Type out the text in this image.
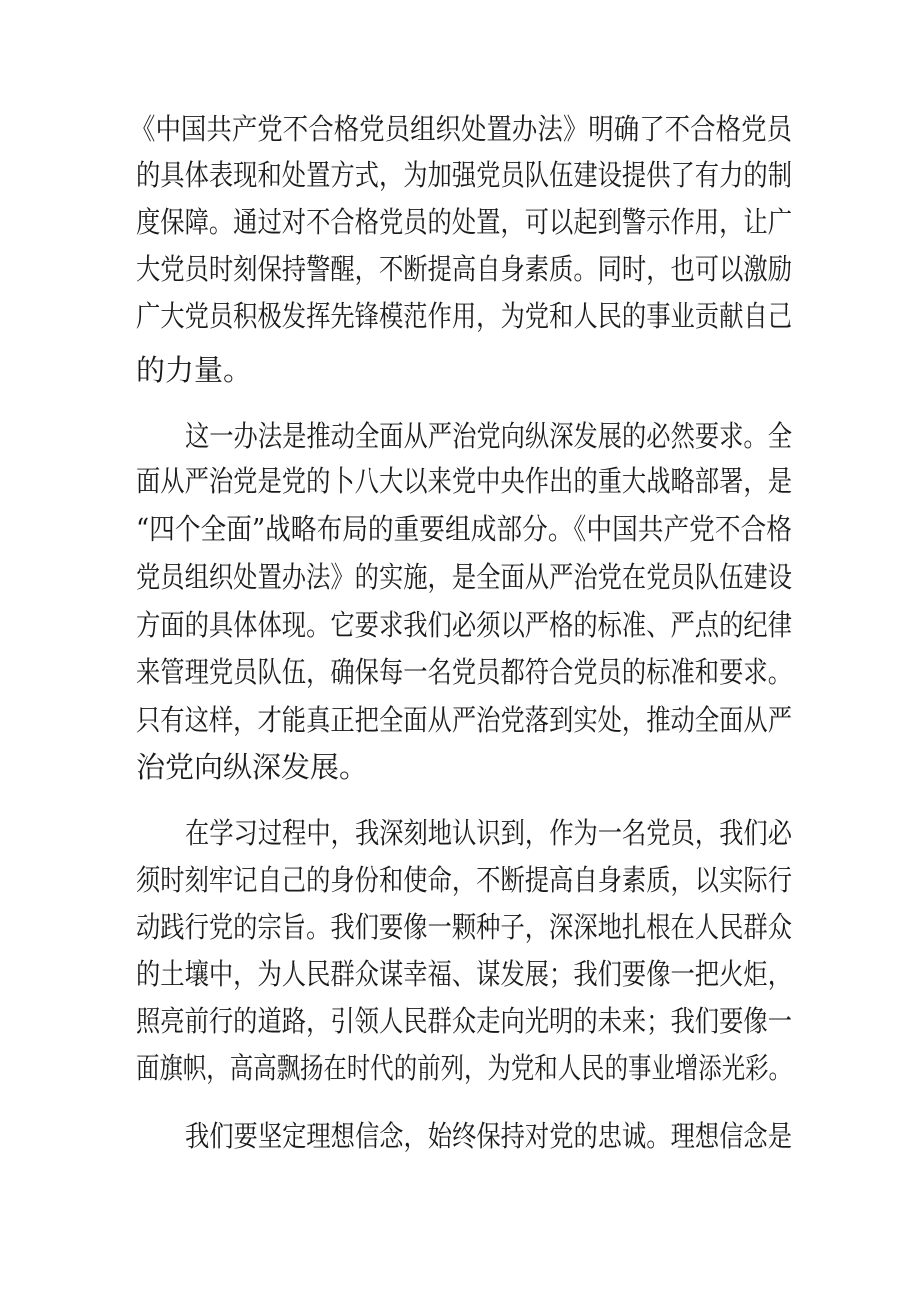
《中国共产党不合格党员组织处置办法》明确了不合格党员
的具体表现和处置方式，为加强党员队伍建设提供了有力的制
度保障。通过对不合格党员的处置，可以起到警示作用，让广
大党员时刻保持警醒，不断提高自身素质。同时，也可以激励
广大党员积极发挥先锋模范作用，为党和人民的事业贡献自己
的力量。
这一办法是推动全面从严治党向纵深发展的必然要求。全
面从严治党是党的卜八大以来党中央作出的重大战略部署，是
“四个全面”战略布局的重要组成部分。《中国共产党不合格
党员组织处置办法》的实施，是全面从严治党在党员队伍建设
方面的具体体现。它要求我们必须以严格的标准、严点的纪律
来管理党员队伍，确保每一名党员都符合党员的标准和要求。
只有这样，才能真正把全面从严治党落到实处，推动全面从严
治党向纵深发展。
在学习过程中，我深刻地认识到，作为一名党员，我们必
须时刻牢记自己的身份和使命，不断提高自身素质，以实际行
动践行党的宗旨。我们要像一颗种子，深深地扎根在人民群众
的土壤中，为人民群众谋幸福、谋发展；我们要像一把火炬，
照亮前行的道路，引领人民群众走向光明的未来；我们要像一
面旗帜，高高飘扬在时代的前列，为党和人民的事业增添光彩。
我们要坚定理想信念，始终保持对党的忠诚。理想信念是
